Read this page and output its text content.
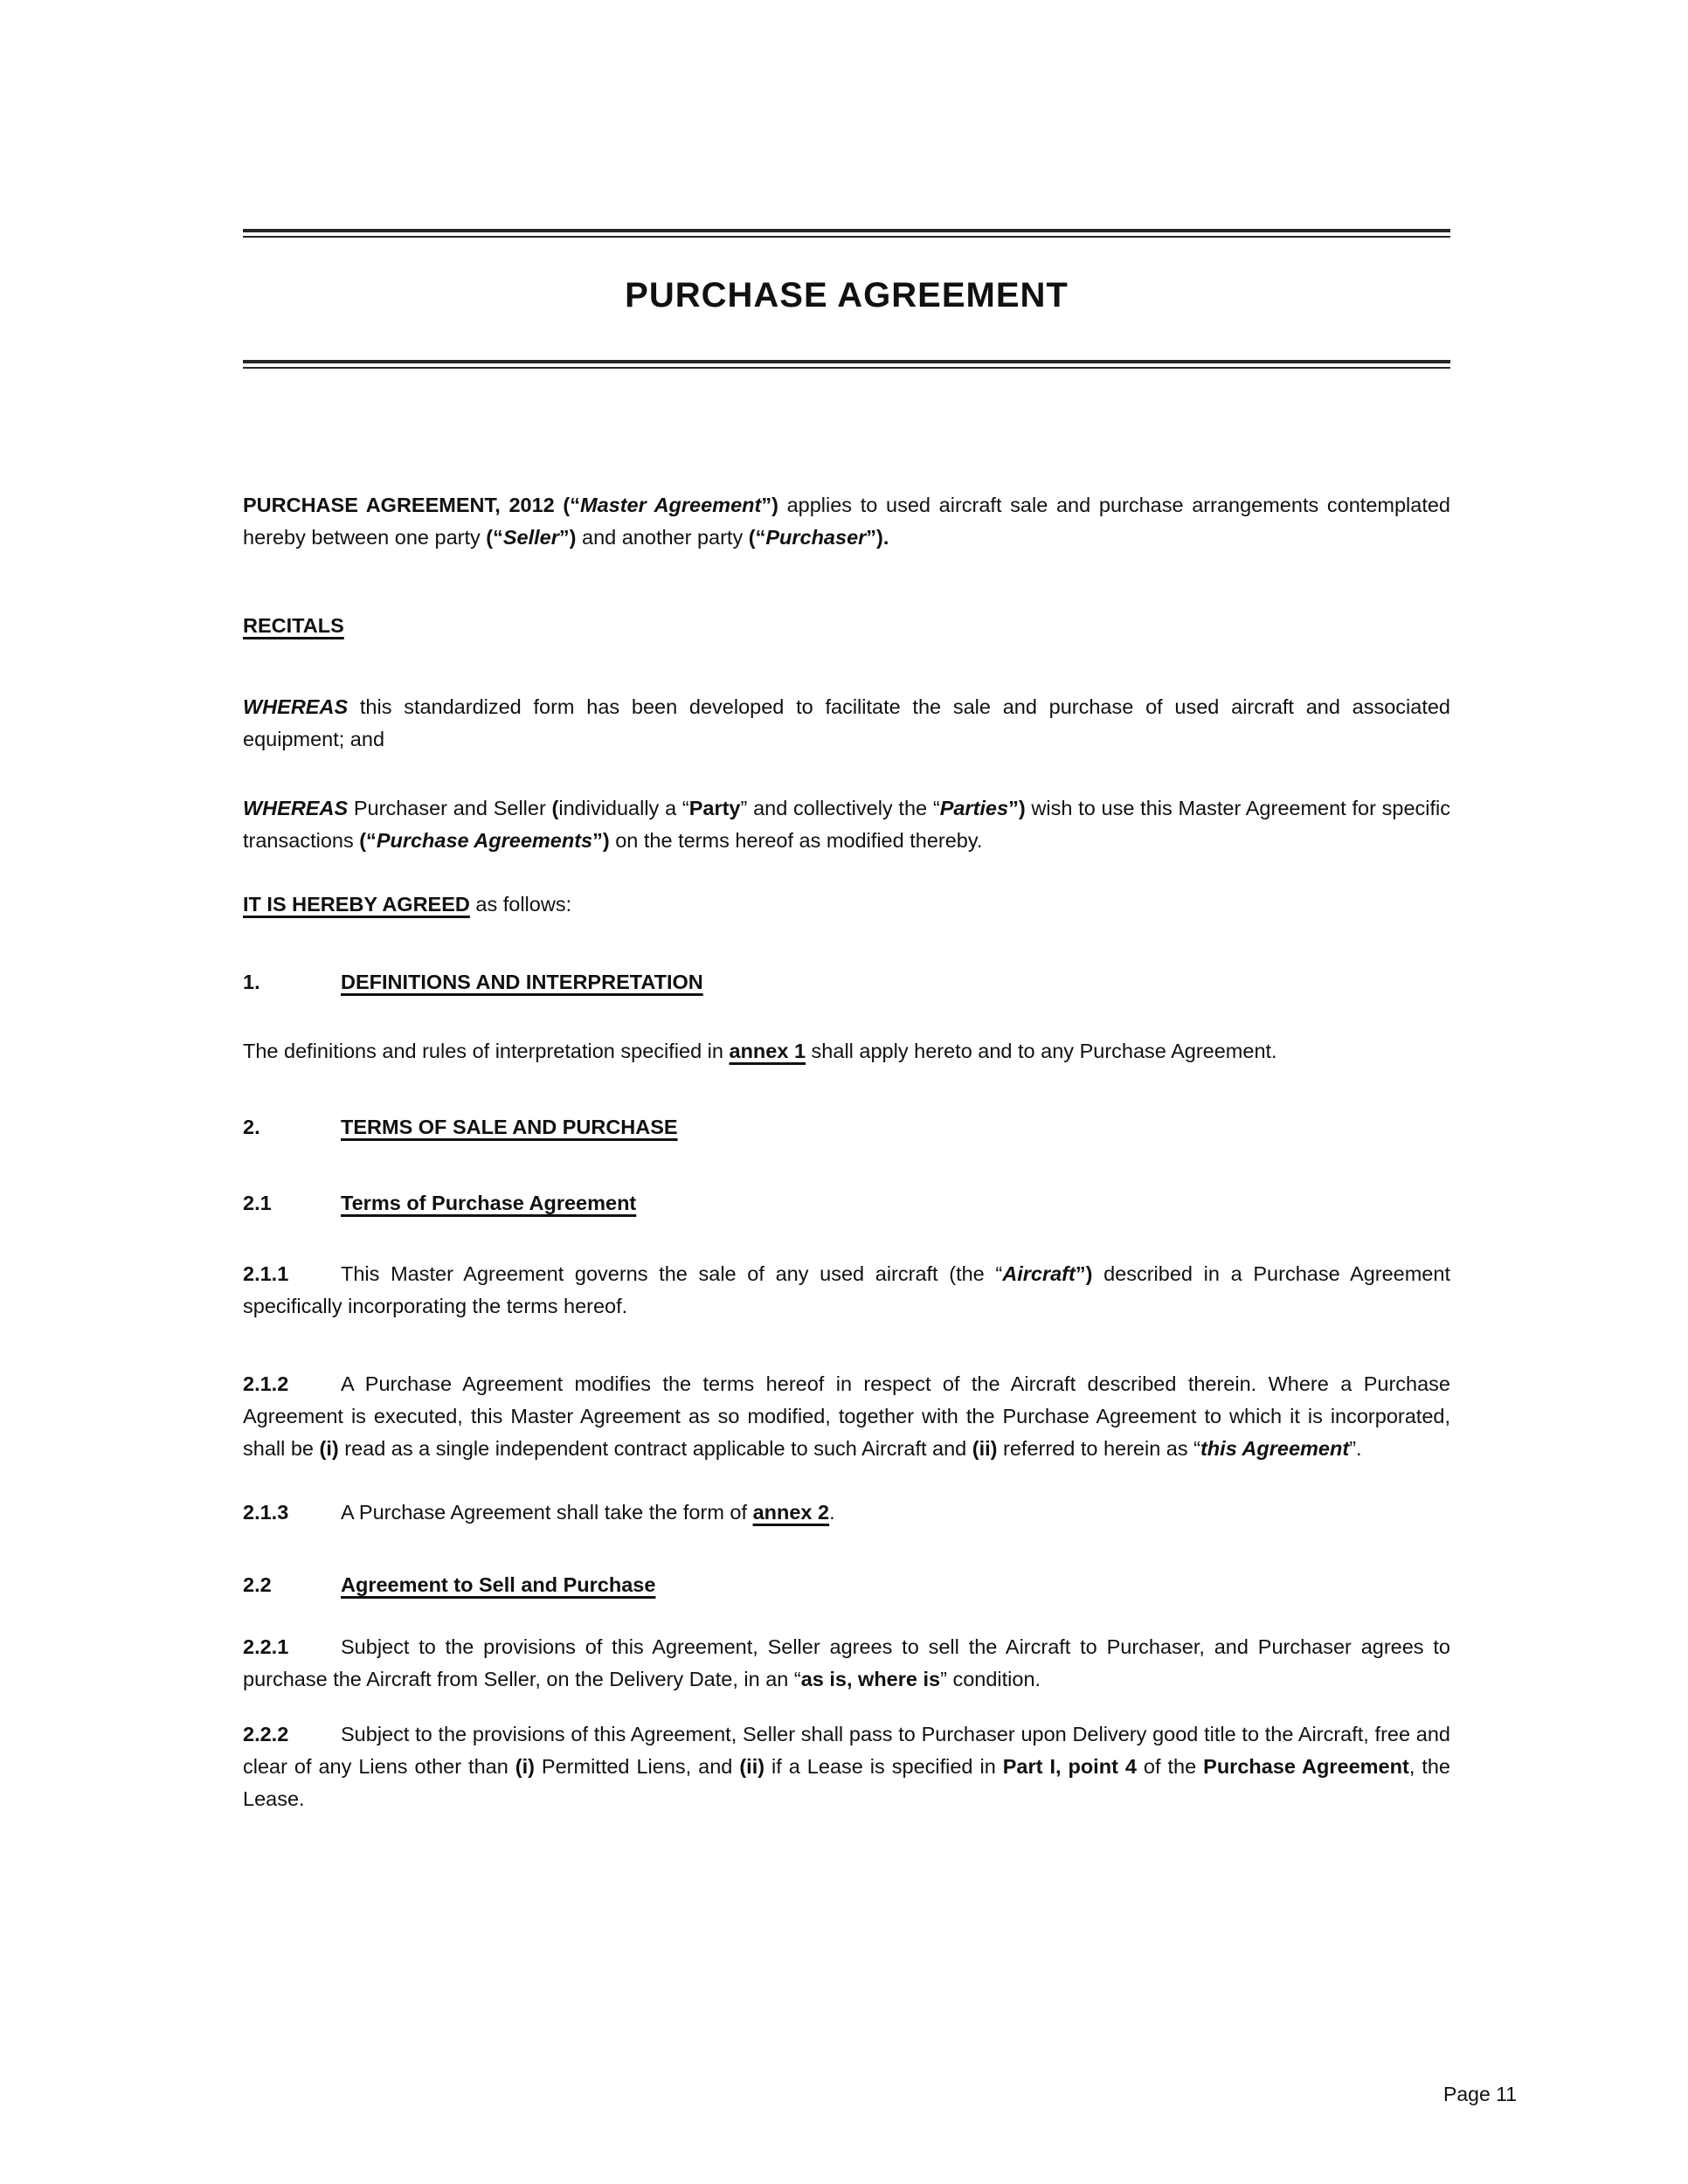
PURCHASE AGREEMENT

PURCHASE AGREEMENT, 2012 (“Master Agreement”) applies to used aircraft sale and purchase arrangements contemplated hereby between one party (“Seller”) and another party (“Purchaser”).

RECITALS

WHEREAS this standardized form has been developed to facilitate the sale and purchase of used aircraft and associated equipment; and

WHEREAS Purchaser and Seller (individually a “Party” and collectively the “Parties”) wish to use this Master Agreement for specific transactions (“Purchase Agreements”) on the terms hereof as modified thereby.

IT IS HEREBY AGREED as follows:

1.	DEFINITIONS AND INTERPRETATION

The definitions and rules of interpretation specified in annex 1 shall apply hereto and to any Purchase Agreement.

2.	TERMS OF SALE AND PURCHASE

2.1	Terms of Purchase Agreement

2.1.1	This Master Agreement governs the sale of any used aircraft (the “Aircraft”) described in a Purchase Agreement specifically incorporating the terms hereof.

2.1.2	A Purchase Agreement modifies the terms hereof in respect of the Aircraft described therein. Where a Purchase Agreement is executed, this Master Agreement as so modified, together with the Purchase Agreement to which it is incorporated, shall be (i) read as a single independent contract applicable to such Aircraft and (ii) referred to herein as “this Agreement”.

2.1.3	A Purchase Agreement shall take the form of annex 2.

2.2	Agreement to Sell and Purchase

2.2.1	Subject to the provisions of this Agreement, Seller agrees to sell the Aircraft to Purchaser, and Purchaser agrees to purchase the Aircraft from Seller, on the Delivery Date, in an “as is, where is” condition.

2.2.2	Subject to the provisions of this Agreement, Seller shall pass to Purchaser upon Delivery good title to the Aircraft, free and clear of any Liens other than (i) Permitted Liens, and (ii) if a Lease is specified in Part I, point 4 of the Purchase Agreement, the Lease.

Page 11
